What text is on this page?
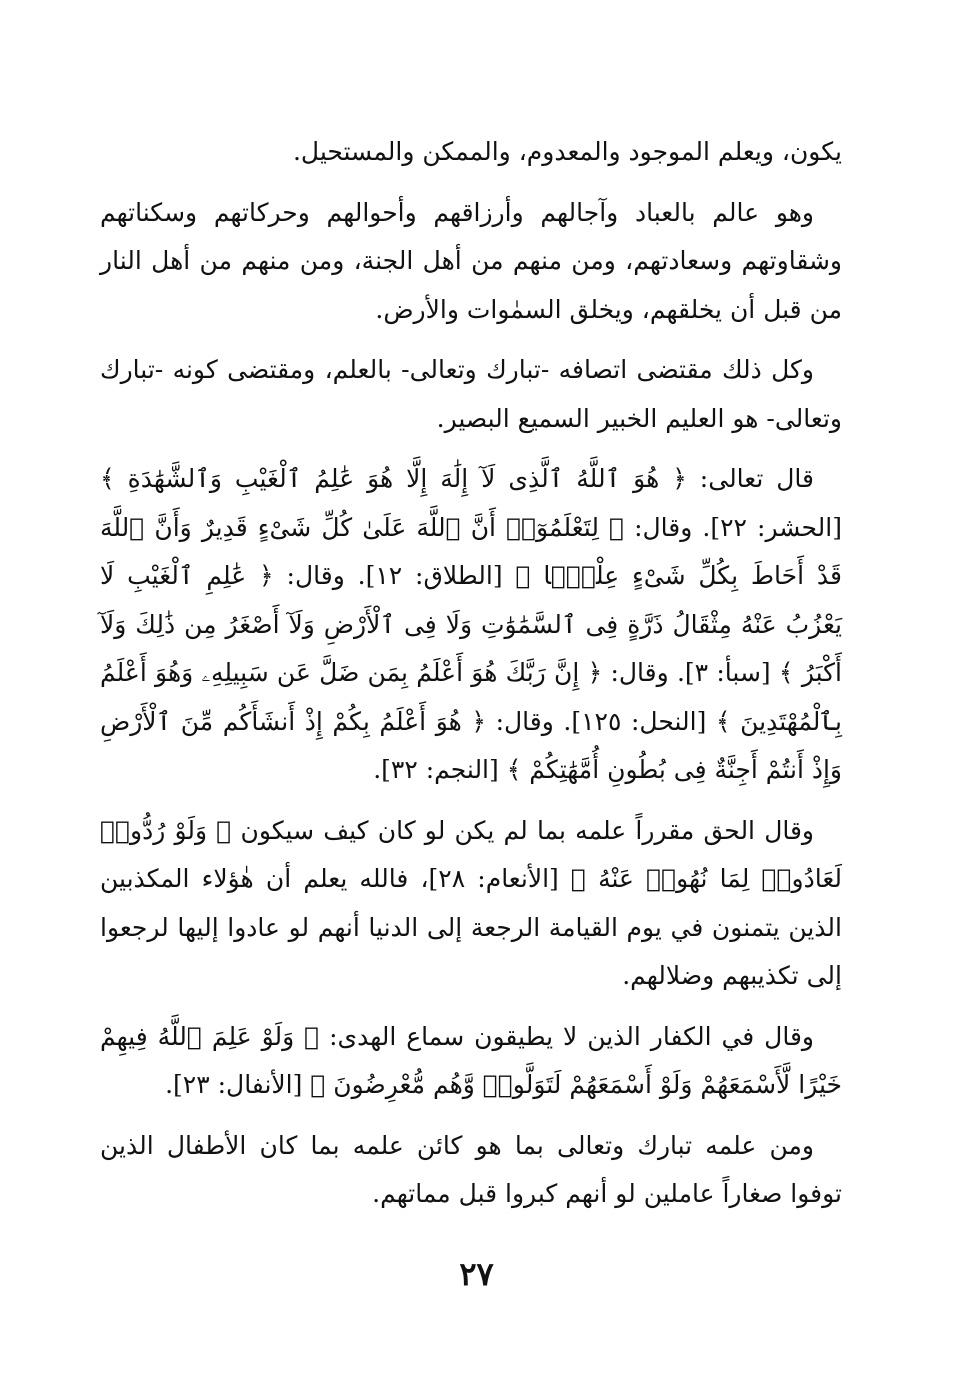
يكون، ويعلم الموجود والمعدوم، والممكن والمستحيل.

وهو عالم بالعباد وآجالهم وأرزاقهم وأحوالهم وحركاتهم وسكناتهم وشقاوتهم وسعادتهم، ومن منهم من أهل الجنة، ومن منهم من أهل النار من قبل أن يخلقهم، ويخلق السمٰوات والأرض.

وكل ذلك مقتضى اتصافه -تبارك وتعالى- بالعلم، ومقتضى كونه -تبارك وتعالى- هو العليم الخبير السميع البصير.

قال تعالى: ﴿ هُوَ ٱللَّهُ ٱلَّذِى لَآ إِلَٰهَ إِلَّا هُوَ عَٰلِمُ ٱلْغَيْبِ وَٱلشَّهَٰدَةِ ﴾ [الحشر: ٢٢]. وقال: ﴿ لِتَعْلَمُوٓا۟ أَنَّ ٱللَّهَ عَلَىٰ كُلِّ شَىْءٍ قَدِيرٌ وَأَنَّ ٱللَّهَ قَدْ أَحَاطَ بِكُلِّ شَىْءٍ عِلْمًۢا ﴾ [الطلاق: ١٢]. وقال: ﴿ عَٰلِمِ ٱلْغَيْبِ لَا يَعْزُبُ عَنْهُ مِثْقَالُ ذَرَّةٍ فِى ٱلسَّمَٰوَٰتِ وَلَا فِى ٱلْأَرْضِ وَلَآ أَصْغَرُ مِن ذَٰلِكَ وَلَآ أَكْبَرُ ﴾ [سبأ: ٣]. وقال: ﴿ إِنَّ رَبَّكَ هُوَ أَعْلَمُ بِمَن ضَلَّ عَن سَبِيلِهِۦ وَهُوَ أَعْلَمُ بِٱلْمُهْتَدِينَ ﴾ [النحل: ١٢٥]. وقال: ﴿ هُوَ أَعْلَمُ بِكُمْ إِذْ أَنشَأَكُم مِّنَ ٱلْأَرْضِ وَإِذْ أَنتُمْ أَجِنَّةٌ فِى بُطُونِ أُمَّهَٰتِكُمْ ﴾ [النجم: ٣٢].

وقال الحق مقرراً علمه بما لم يكن لو كان كيف سيكون ﴿ وَلَوْ رُدُّوا۟ لَعَادُوا۟ لِمَا نُهُوا۟ عَنْهُ ﴾ [الأنعام: ٢٨]، فالله يعلم أن هٰؤلاء المكذبين الذين يتمنون في يوم القيامة الرجعة إلى الدنيا أنهم لو عادوا إليها لرجعوا إلى تكذيبهم وضلالهم.

وقال في الكفار الذين لا يطيقون سماع الهدى: ﴿ وَلَوْ عَلِمَ ٱللَّهُ فِيهِمْ خَيْرًا لَّأَسْمَعَهُمْ وَلَوْ أَسْمَعَهُمْ لَتَوَلَّوا۟ وَّهُم مُّعْرِضُونَ ﴾ [الأنفال: ٢٣].

ومن علمه تبارك وتعالى بما هو كائن علمه بما كان الأطفال الذين توفوا صغاراً عاملين لو أنهم كبروا قبل مماتهم.

٢٧
